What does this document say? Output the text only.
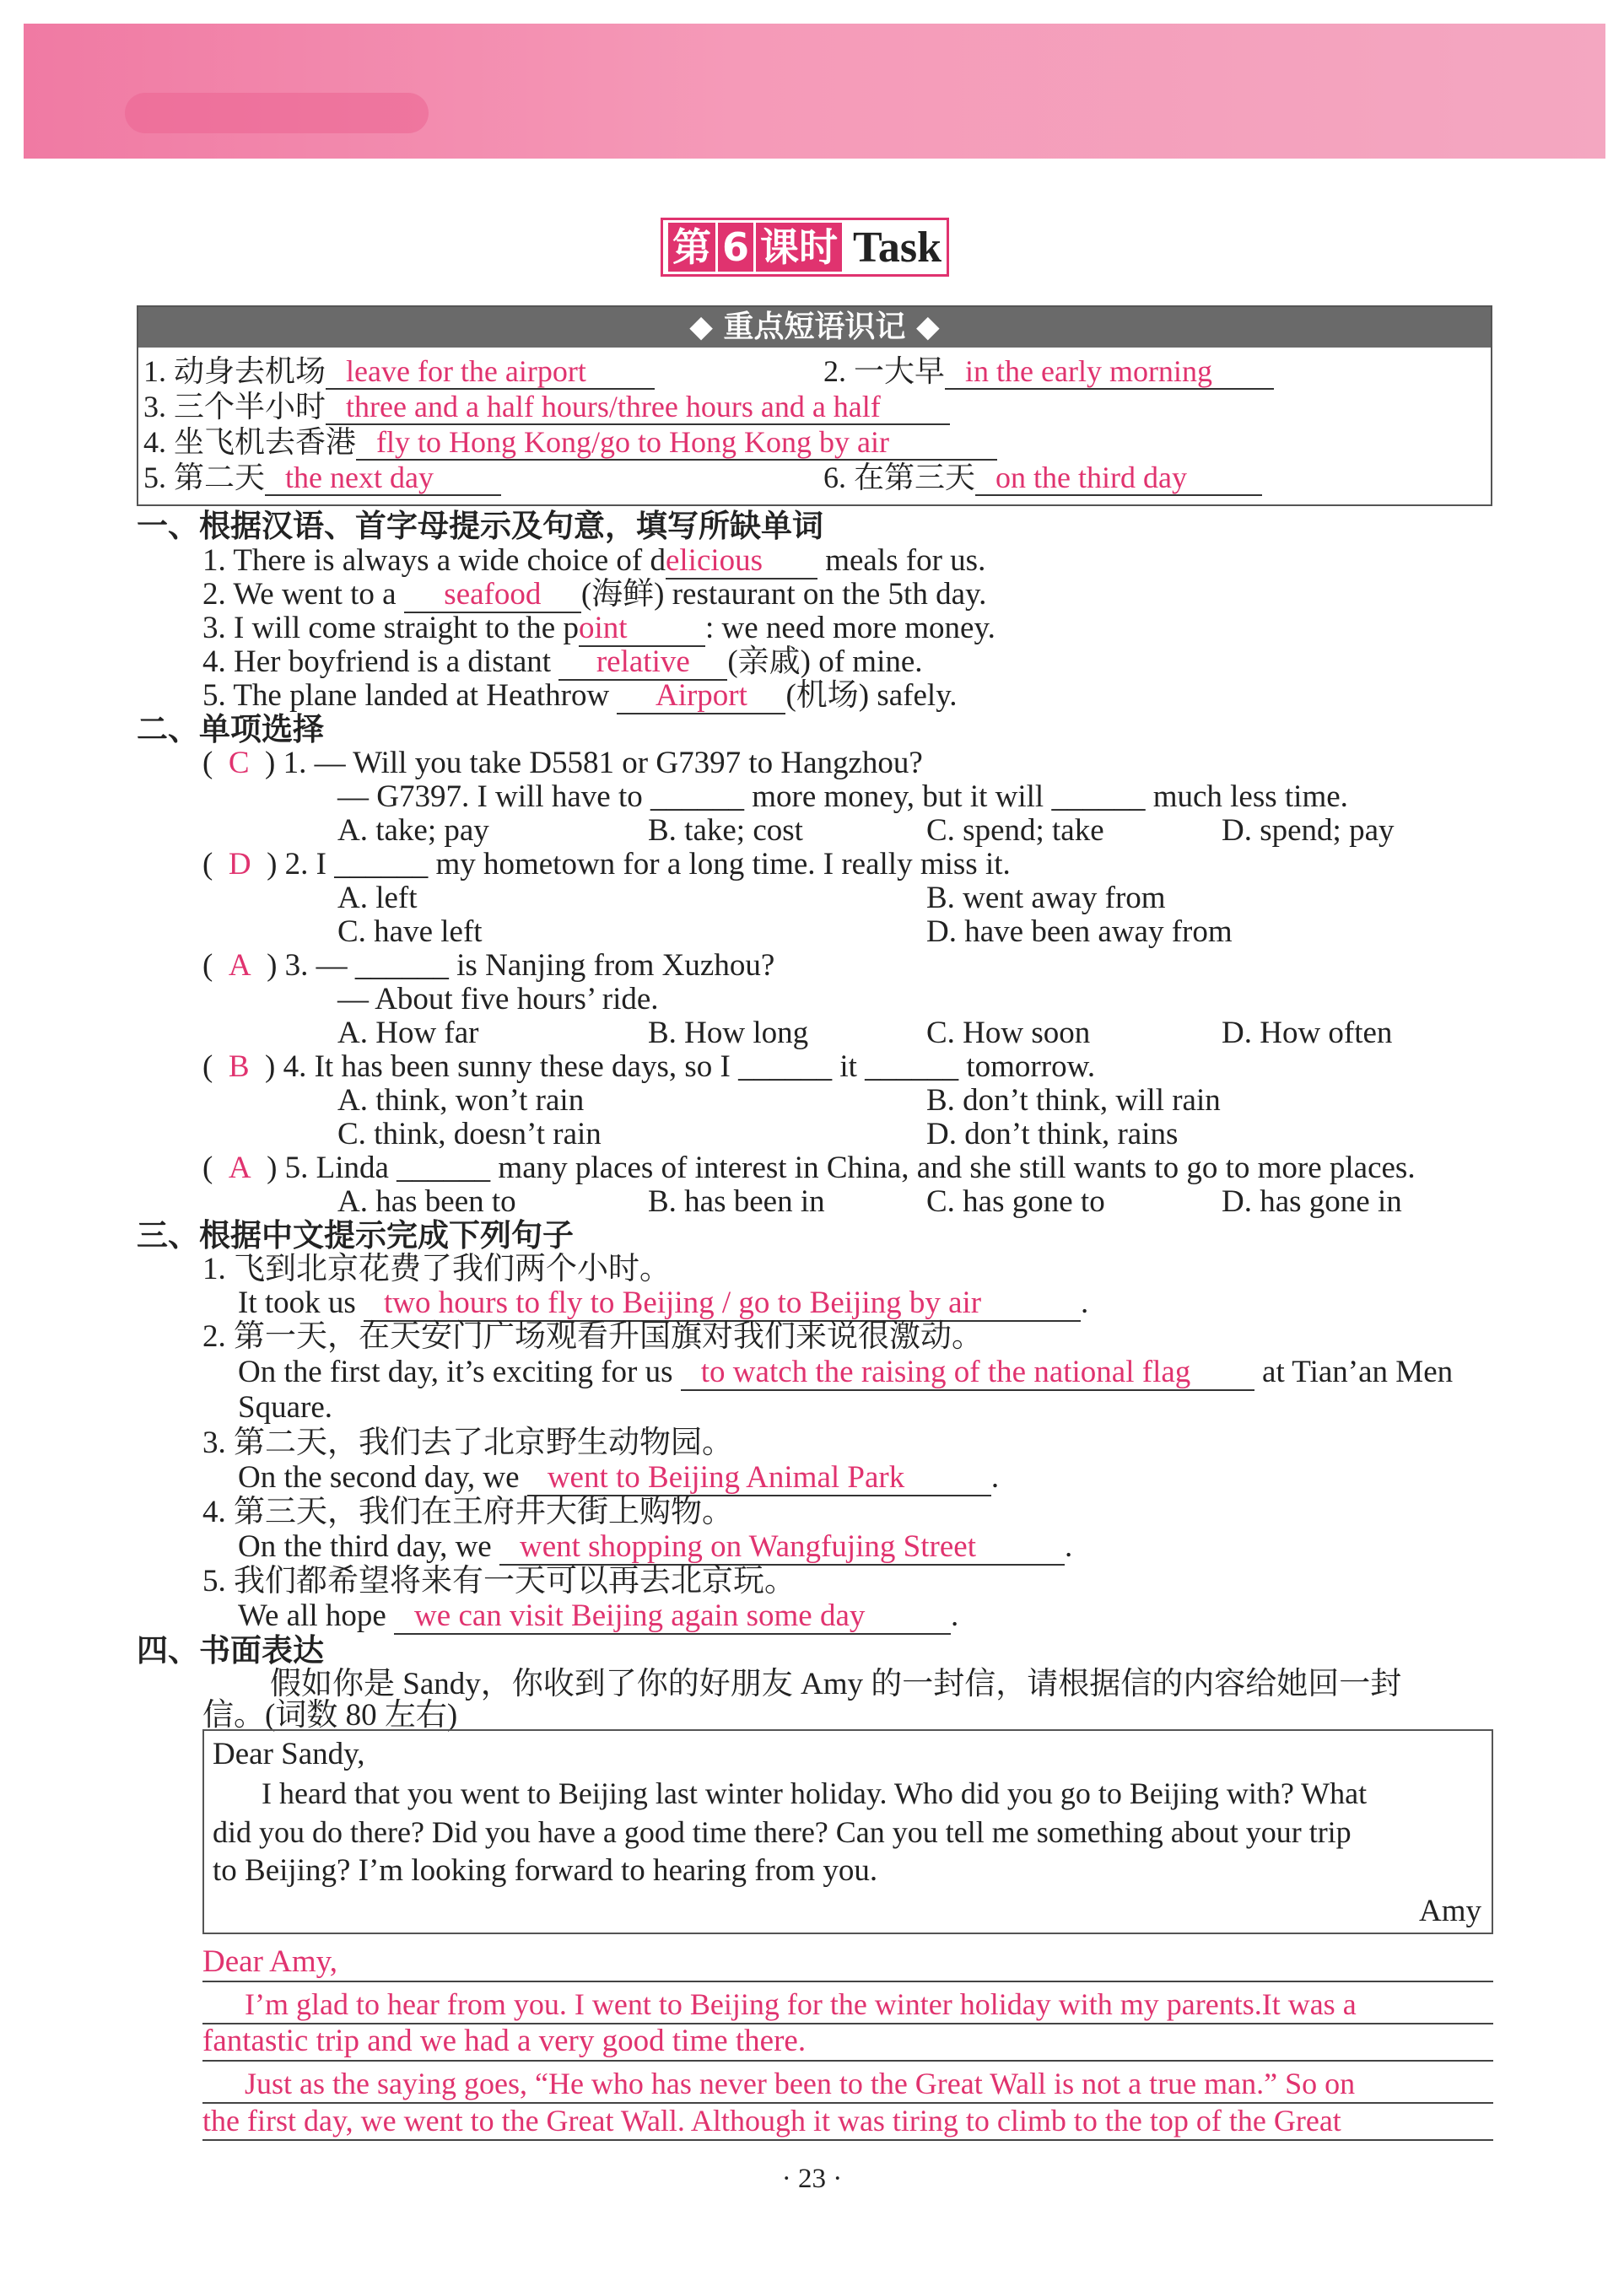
第 6 课时 Task
◆ 重点短语识记 ◆
1. 动身去机场 leave for the airport	2. 一大早 in the early morning
3. 三个半小时 three and a half hours/three hours and a half
4. 坐飞机去香港 fly to Hong Kong/go to Hong Kong by air
5. 第二天 the next day	6. 在第三天 on the third day
一、根据汉语、首字母提示及句意，填写所缺单词
1. There is always a wide choice of delicious meals for us.
2. We went to a seafood (海鲜) restaurant on the 5th day.
3. I will come straight to the point : we need more money.
4. Her boyfriend is a distant relative (亲戚) of mine.
5. The plane landed at Heathrow Airport (机场) safely.
二、单项选择
(  C ) 1. — Will you take D5581 or G7397 to Hangzhou?
— G7397. I will have to ______ more money, but it will ______ much less time.
A. take; pay	B. take; cost	C. spend; take	D. spend; pay
(  D ) 2. I ______ my hometown for a long time. I really miss it.
A. left	B. went away from
C. have left	D. have been away from
(  A ) 3. — ______ is Nanjing from Xuzhou?
— About five hours’ ride.
A. How far	B. How long	C. How soon	D. How often
(  B ) 4. It has been sunny these days, so I ______ it ______ tomorrow.
A. think, won’t rain	B. don’t think, will rain
C. think, doesn’t rain	D. don’t think, rains
(  A ) 5. Linda ______ many places of interest in China, and she still wants to go to more places.
A. has been to	B. has been in	C. has gone to	D. has gone in
三、根据中文提示完成下列句子
1. 飞到北京花费了我们两个小时。
It took us two hours to fly to Beijing / go to Beijing by air	.
2. 第一天，在天安门广场观看升国旗对我们来说很激动。
On the first day, it’s exciting for us to watch the raising of the national flag at Tian’an Men
Square.
3. 第二天，我们去了北京野生动物园。
On the second day, we went to Beijing Animal Park	.
4. 第三天，我们在王府井大街上购物。
On the third day, we went shopping on Wangfujing Street	.
5. 我们都希望将来有一天可以再去北京玩。
We all hope we can visit Beijing again some day	.
四、书面表达
假如你是 Sandy，你收到了你的好朋友 Amy 的一封信，请根据信的内容给她回一封
信。(词数 80 左右)
Dear Sandy,
I heard that you went to Beijing last winter holiday. Who did you go to Beijing with? What
did you do there? Did you have a good time there? Can you tell me something about your trip
to Beijing? I’m looking forward to hearing from you.
Amy
Dear Amy,
I’m glad to hear from you. I went to Beijing for the winter holiday with my parents.It was a
fantastic trip and we had a very good time there.
Just as the saying goes, “He who has never been to the Great Wall is not a true man.” So on
the first day, we went to the Great Wall. Although it was tiring to climb to the top of the Great
· 23 ·
